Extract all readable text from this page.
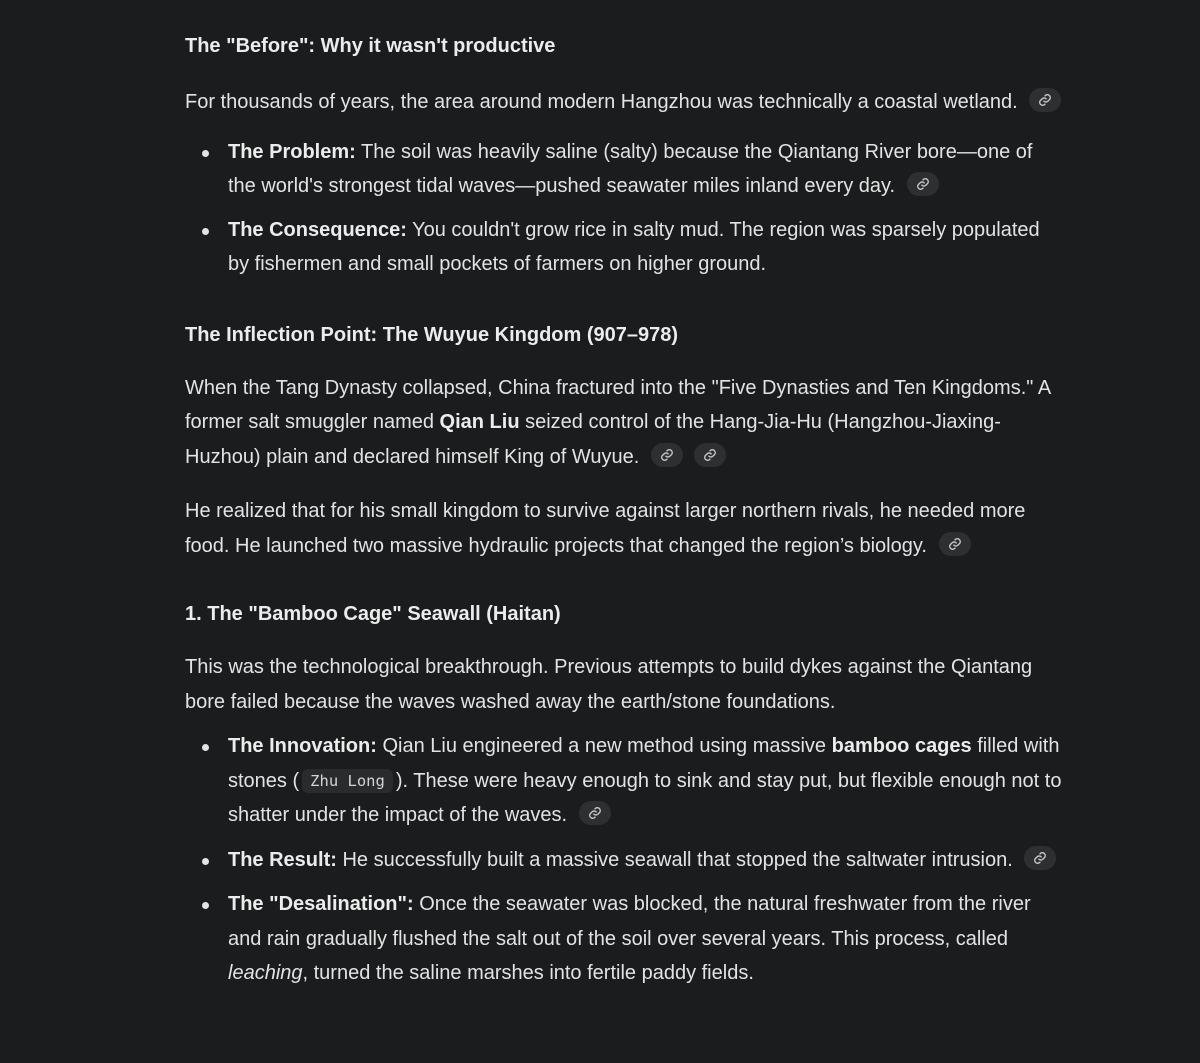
The "Before": Why it wasn't productive

For thousands of years, the area around modern Hangzhou was technically a coastal wetland.

The Problem: The soil was heavily saline (salty) because the Qiantang River bore—one of the world's strongest tidal waves—pushed seawater miles inland every day.
The Consequence: You couldn't grow rice in salty mud. The region was sparsely populated by fishermen and small pockets of farmers on higher ground.
The Inflection Point: The Wuyue Kingdom (907–978)

When the Tang Dynasty collapsed, China fractured into the "Five Dynasties and Ten Kingdoms." A former salt smuggler named Qian Liu seized control of the Hang-Jia-Hu (Hangzhou-Jiaxing-Huzhou) plain and declared himself King of Wuyue.

He realized that for his small kingdom to survive against larger northern rivals, he needed more food. He launched two massive hydraulic projects that changed the region’s biology.

1. The "Bamboo Cage" Seawall (Haitan)

This was the technological breakthrough. Previous attempts to build dykes against the Qiantang bore failed because the waves washed away the earth/stone foundations.

The Innovation: Qian Liu engineered a new method using massive bamboo cages filled with stones ( Zhu Long ). These were heavy enough to sink and stay put, but flexible enough not to shatter under the impact of the waves.
The Result: He successfully built a massive seawall that stopped the saltwater intrusion.
The "Desalination": Once the seawater was blocked, the natural freshwater from the river and rain gradually flushed the salt out of the soil over several years. This process, called leaching, turned the saline marshes into fertile paddy fields.
